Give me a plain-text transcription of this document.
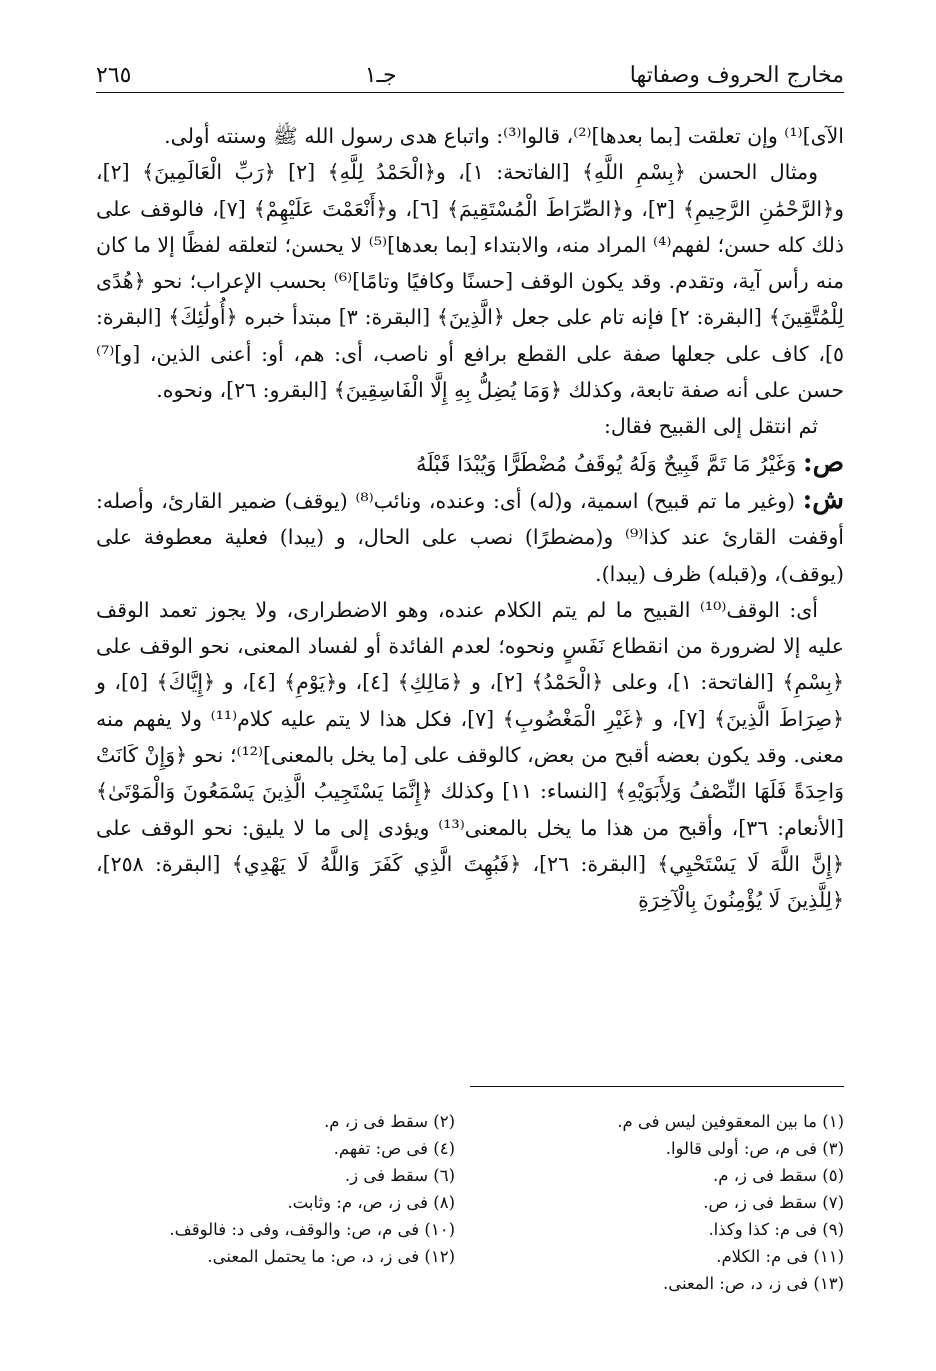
مخارج الحروف وصفاتها
جـ١
٢٦٥

الآى]⁽¹⁾ وإن تعلقت [بما بعدها]⁽²⁾، قالوا⁽³⁾: واتباع هدى رسول الله ﷺ وسنته أولى.

ومثال الحسن ﴿بِسْمِ اللَّهِ﴾ [الفاتحة: ١]، و﴿الْحَمْدُ لِلَّهِ﴾ [٢] ﴿رَبِّ الْعَالَمِينَ﴾ [٢]، و﴿الرَّحْمَٰنِ الرَّحِيمِ﴾ [٣]، و﴿الصِّرَاطَ الْمُسْتَقِيمَ﴾ [٦]، و﴿أَنْعَمْتَ عَلَيْهِمْ﴾ [٧]، فالوقف على ذلك كله حسن؛ لفهم⁽⁴⁾ المراد منه، والابتداء [بما بعدها]⁽⁵⁾ لا يحسن؛ لتعلقه لفظًا إلا ما كان منه رأس آية، وتقدم. وقد يكون الوقف [حسنًا وكافيًا وتامًا]⁽⁶⁾ بحسب الإعراب؛ نحو ﴿هُدًى لِلْمُتَّقِينَ﴾ [البقرة: ٢] فإنه تام على جعل ﴿الَّذِينَ﴾ [البقرة: ٣] مبتدأ خبره ﴿أُولَٰئِكَ﴾ [البقرة: ٥]، كاف على جعلها صفة على القطع برافع أو ناصب، أى: هم، أو: أعنى الذين، [و]⁽⁷⁾ حسن على أنه صفة تابعة، وكذلك ﴿وَمَا يُضِلُّ بِهِ إِلَّا الْفَاسِقِينَ﴾ [البقرو: ٢٦]، ونحوه.

ثم انتقل إلى القبيح فقال:

ص: وَغَيْرُ مَا تَمَّ قَبِيحٌ وَلَهُ يُوقَفُ مُضْطَرًّا وَيُبْدَا قَبْلَهُ

ش: (وغير ما تم قبيح) اسمية، و(له) أى: وعنده، ونائب⁽⁸⁾ (يوقف) ضمير القارئ، وأصله: أوقفت القارئ عند كذا⁽⁹⁾ و(مضطرًا) نصب على الحال، و (يبدا) فعلية معطوفة على (يوقف)، و(قبله) ظرف (يبدا).

أى: الوقف⁽¹⁰⁾ القبيح ما لم يتم الكلام عنده، وهو الاضطرارى، ولا يجوز تعمد الوقف عليه إلا لضرورة من انقطاع نَفَسٍ ونحوه؛ لعدم الفائدة أو لفساد المعنى، نحو الوقف على ﴿بِسْمِ﴾ [الفاتحة: ١]، وعلى ﴿الْحَمْدُ﴾ [٢]، و ﴿مَالِكِ﴾ [٤]، و﴿يَوْمِ﴾ [٤]، و ﴿إِيَّاكَ﴾ [٥]، و ﴿صِرَاطَ الَّذِينَ﴾ [٧]، و ﴿غَيْرِ الْمَغْضُوبِ﴾ [٧]، فكل هذا لا يتم عليه كلام⁽¹¹⁾ ولا يفهم منه معنى. وقد يكون بعضه أقبح من بعض، كالوقف على [ما يخل بالمعنى]⁽¹²⁾؛ نحو ﴿وَإِنْ كَانَتْ وَاحِدَةً فَلَهَا النِّصْفُ وَلِأَبَوَيْهِ﴾ [النساء: ١١] وكذلك ﴿إِنَّمَا يَسْتَجِيبُ الَّذِينَ يَسْمَعُونَ وَالْمَوْتَىٰ﴾ [الأنعام: ٣٦]، وأقبح من هذا ما يخل بالمعنى⁽¹³⁾ ويؤدى إلى ما لا يليق: نحو الوقف على ﴿إِنَّ اللَّهَ لَا يَسْتَحْيِي﴾ [البقرة: ٢٦]، ﴿فَبُهِتَ الَّذِي كَفَرَ وَاللَّهُ لَا يَهْدِي﴾ [البقرة: ٢٥٨]، ﴿لِلَّذِينَ لَا يُؤْمِنُونَ بِالْآخِرَةِ

(١) ما بين المعقوفين ليس فى م.
(٣) فى م، ص: أولى قالوا.
(٥) سقط فى ز، م.
(٧) سقط فى ز، ص.
(٩) فى م: كذا وكذا.
(١١) فى م: الكلام.
(١٣) فى ز، د، ص: المعنى.
(٢) سقط فى ز، م.
(٤) فى ص: تفهم.
(٦) سقط فى ز.
(٨) فى ز، ص، م: وثابت.
(١٠) فى م، ص: والوقف، وفى د: فالوقف.
(١٢) فى ز، د، ص: ما يحتمل المعنى.
